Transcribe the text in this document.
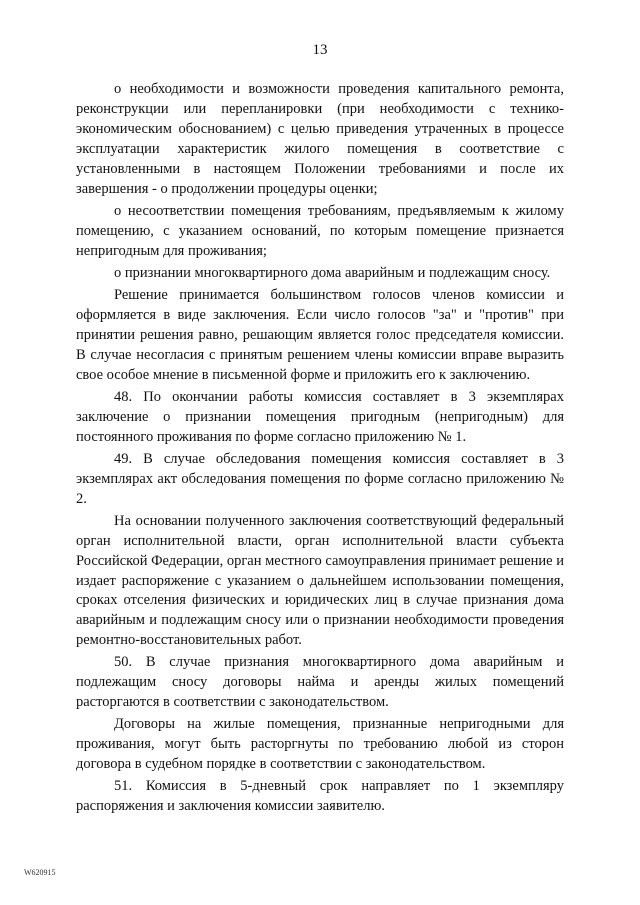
13

о необходимости и возможности проведения капитального ремонта, реконструкции или перепланировки (при необходимости с технико-экономическим обоснованием) с целью приведения утраченных в процессе эксплуатации характеристик жилого помещения в соответствие с установленными в настоящем Положении требованиями и после их завершения - о продолжении процедуры оценки;

о несоответствии помещения требованиям, предъявляемым к жилому помещению, с указанием оснований, по которым помещение признается непригодным для проживания;

о признании многоквартирного дома аварийным и подлежащим сносу.

Решение принимается большинством голосов членов комиссии и оформляется в виде заключения. Если число голосов "за" и "против" при принятии решения равно, решающим является голос председателя комиссии. В случае несогласия с принятым решением члены комиссии вправе выразить свое особое мнение в письменной форме и приложить его к заключению.

48. По окончании работы комиссия составляет в 3 экземплярах заключение о признании помещения пригодным (непригодным) для постоянного проживания по форме согласно приложению № 1.

49. В случае обследования помещения комиссия составляет в 3 экземплярах акт обследования помещения по форме согласно приложению № 2.

На основании полученного заключения соответствующий федеральный орган исполнительной власти, орган исполнительной власти субъекта Российской Федерации, орган местного самоуправления принимает решение и издает распоряжение с указанием о дальнейшем использовании помещения, сроках отселения физических и юридических лиц в случае признания дома аварийным и подлежащим сносу или о признании необходимости проведения ремонтно-восстановительных работ.

50. В случае признания многоквартирного дома аварийным и подлежащим сносу договоры найма и аренды жилых помещений расторгаются в соответствии с законодательством.

Договоры на жилые помещения, признанные непригодными для проживания, могут быть расторгнуты по требованию любой из сторон договора в судебном порядке в соответствии с законодательством.

51. Комиссия в 5-дневный срок направляет по 1 экземпляру распоряжения и заключения комиссии заявителю.

W620915
